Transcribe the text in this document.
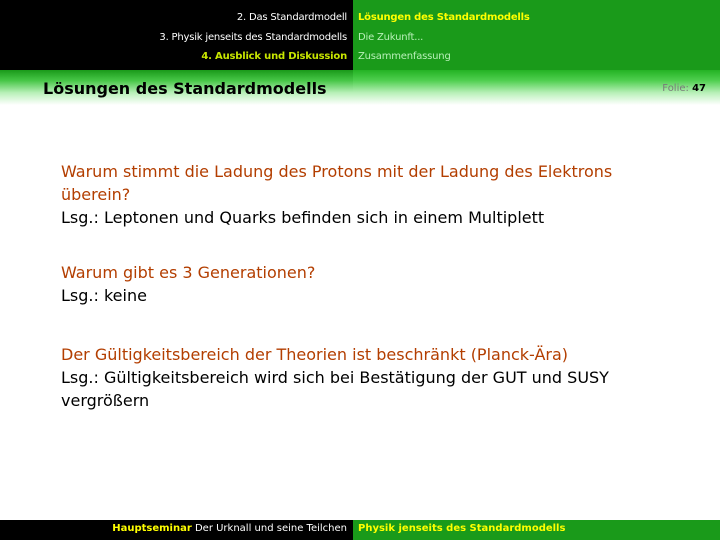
2. Das Standardmodell
3. Physik jenseits des Standardmodells
4. Ausblick und Diskussion
Lösungen des Standardmodells
Die Zukunft...
Zusammenfassung
Lösungen des Standardmodells	Folie: 47
Warum stimmt die Ladung des Protons mit der Ladung des Elektrons überein?
Lsg.: Leptonen und Quarks befinden sich in einem Multiplett
Warum gibt es 3 Generationen?
Lsg.: keine
Der Gültigkeitsbereich der Theorien ist beschränkt (Planck-Ära)
Lsg.: Gültigkeitsbereich wird sich bei Bestätigung der GUT und SUSY vergrößern
Hauptseminar Der Urknall und seine Teilchen Physik jenseits des Standardmodells
